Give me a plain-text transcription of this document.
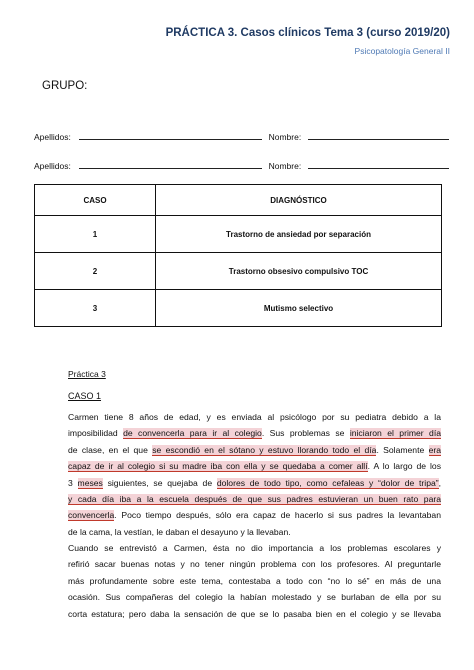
PRÁCTICA 3. Casos clínicos Tema 3 (curso 2019/20)
Psicopatología General II
GRUPO:
Apellidos:	Nombre:
Apellidos:	Nombre:
CASO	DIAGNÓSTICO
1	Trastorno de ansiedad por separación
2	Trastorno obsesivo compulsivo TOC
3	Mutismo selectivo
Práctica 3
CASO 1
Carmen tiene 8 años de edad, y es enviada al psicólogo por su pediatra debido a la
imposibilidad de convencerla para ir al colegio. Sus problemas se iniciaron el primer día
de clase, en el que se escondió en el sótano y estuvo llorando todo el día. Solamente era
capaz de ir al colegio si su madre iba con ella y se quedaba a comer allí. A lo largo de los
3 meses siguientes, se quejaba de dolores de todo tipo, como cefaleas y “dolor de tripa”,
y cada día iba a la escuela después de que sus padres estuvieran un buen rato para
convencerla. Poco tiempo después, sólo era capaz de hacerlo si sus padres la levantaban
de la cama, la vestían, le daban el desayuno y la llevaban.
Cuando se entrevistó a Carmen, ésta no dio importancia a los problemas escolares y
refirió sacar buenas notas y no tener ningún problema con los profesores. Al preguntarle
más profundamente sobre este tema, contestaba a todo con “no lo sé” en más de una
ocasión. Sus compañeras del colegio la habían molestado y se burlaban de ella por su
corta estatura; pero daba la sensación de que se lo pasaba bien en el colegio y se llevaba
